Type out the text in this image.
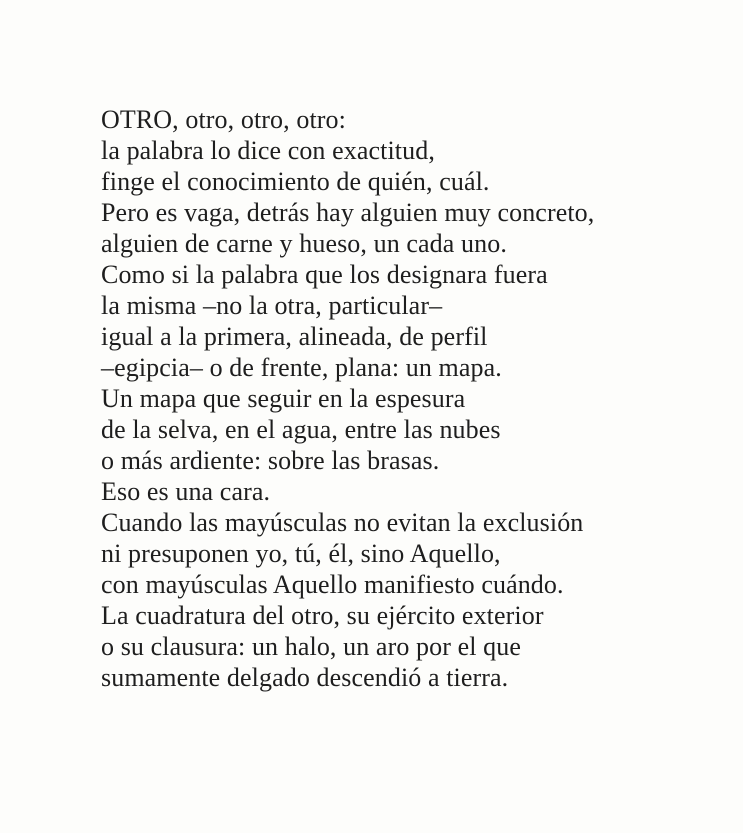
OTRO, otro, otro, otro:
la palabra lo dice con exactitud,
finge el conocimiento de quién, cuál.
Pero es vaga, detrás hay alguien muy concreto,
alguien de carne y hueso, un cada uno.
Como si la palabra que los designara fuera
la misma –no la otra, particular–
igual a la primera, alineada, de perfil
–egipcia– o de frente, plana: un mapa.
Un mapa que seguir en la espesura
de la selva, en el agua, entre las nubes
o más ardiente: sobre las brasas.
Eso es una cara.
Cuando las mayúsculas no evitan la exclusión
ni presuponen yo, tú, él, sino Aquello,
con mayúsculas Aquello manifiesto cuándo.
La cuadratura del otro, su ejército exterior
o su clausura: un halo, un aro por el que
sumamente delgado descendió a tierra.
